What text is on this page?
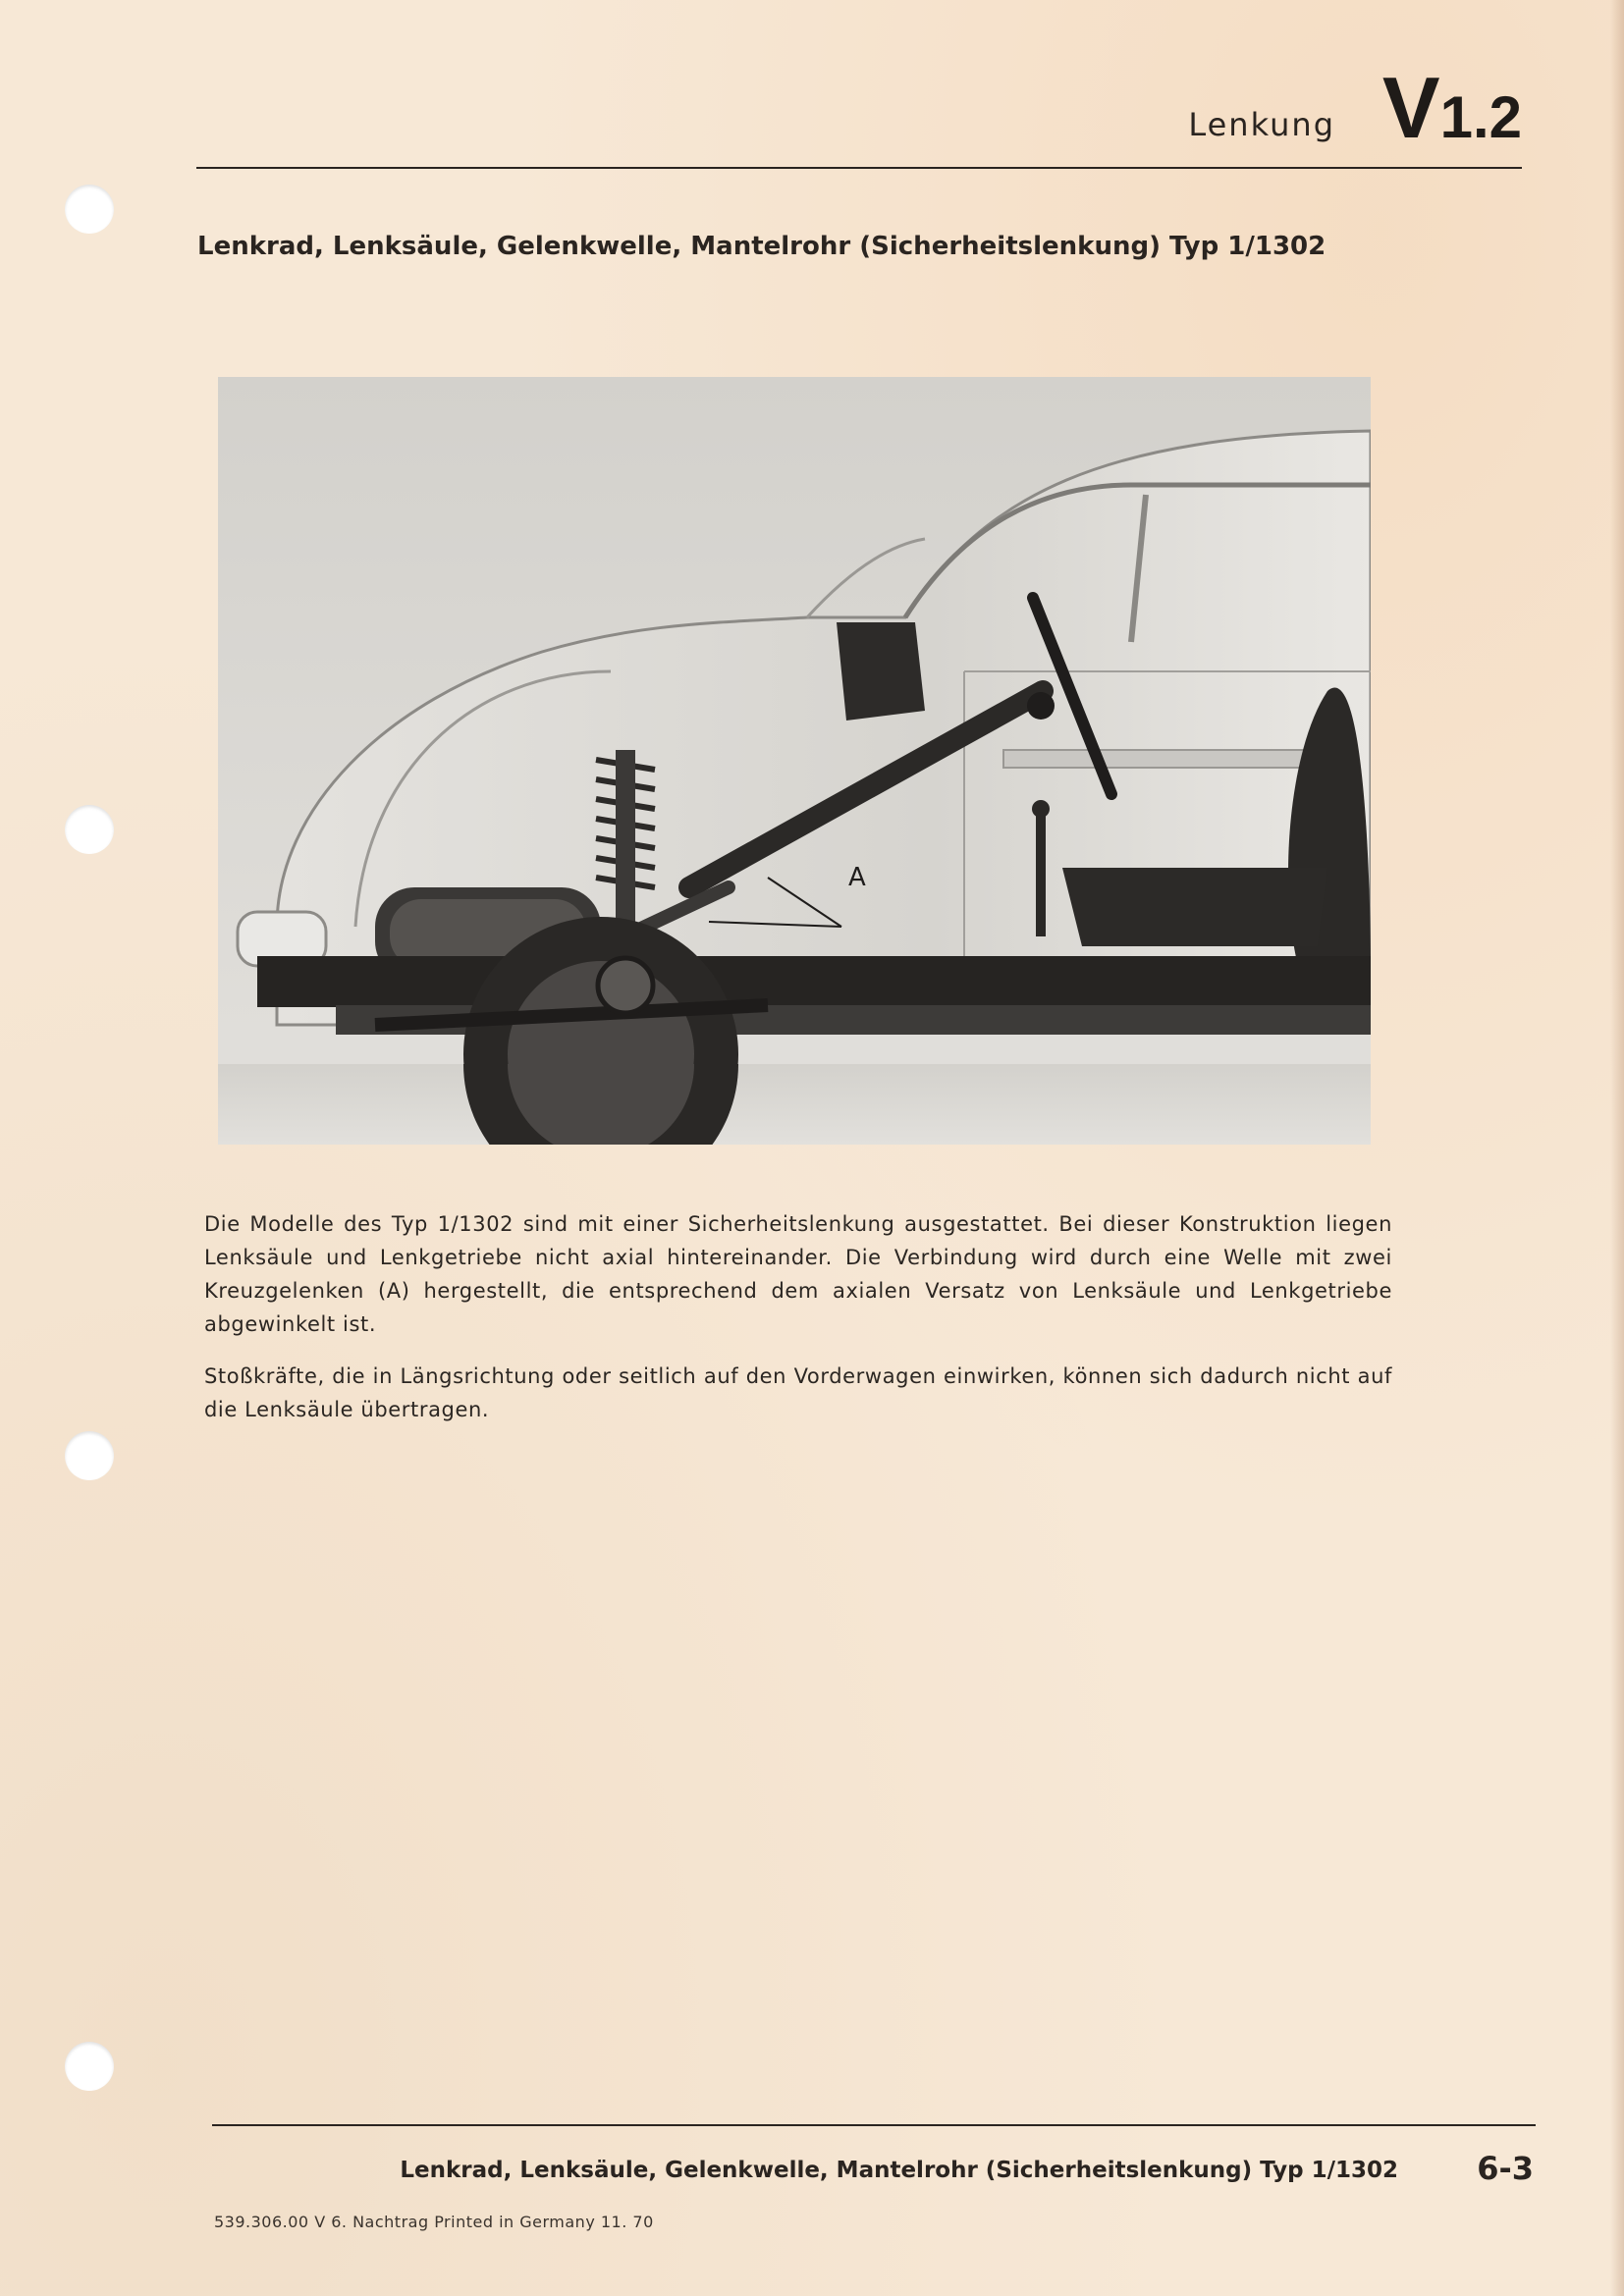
Lenkung V1.2
Lenkrad, Lenksäule, Gelenkwelle, Mantelrohr (Sicherheitslenkung) Typ 1/1302
A
Die Modelle des Typ 1/1302 sind mit einer Sicherheitslenkung ausgestattet. Bei dieser Konstruktion liegen Lenksäule und Lenkgetriebe nicht axial hintereinander. Die Verbindung wird durch eine Welle mit zwei Kreuzgelenken (A) hergestellt, die entsprechend dem axialen Versatz von Lenksäule und Lenkgetriebe abgewinkelt ist.
Stoßkräfte, die in Längsrichtung oder seitlich auf den Vorderwagen einwirken, können sich dadurch nicht auf die Lenksäule übertragen.
Lenkrad, Lenksäule, Gelenkwelle, Mantelrohr (Sicherheitslenkung) Typ 1/1302	6-3
539.306.00 V 6. Nachtrag Printed in Germany 11. 70
